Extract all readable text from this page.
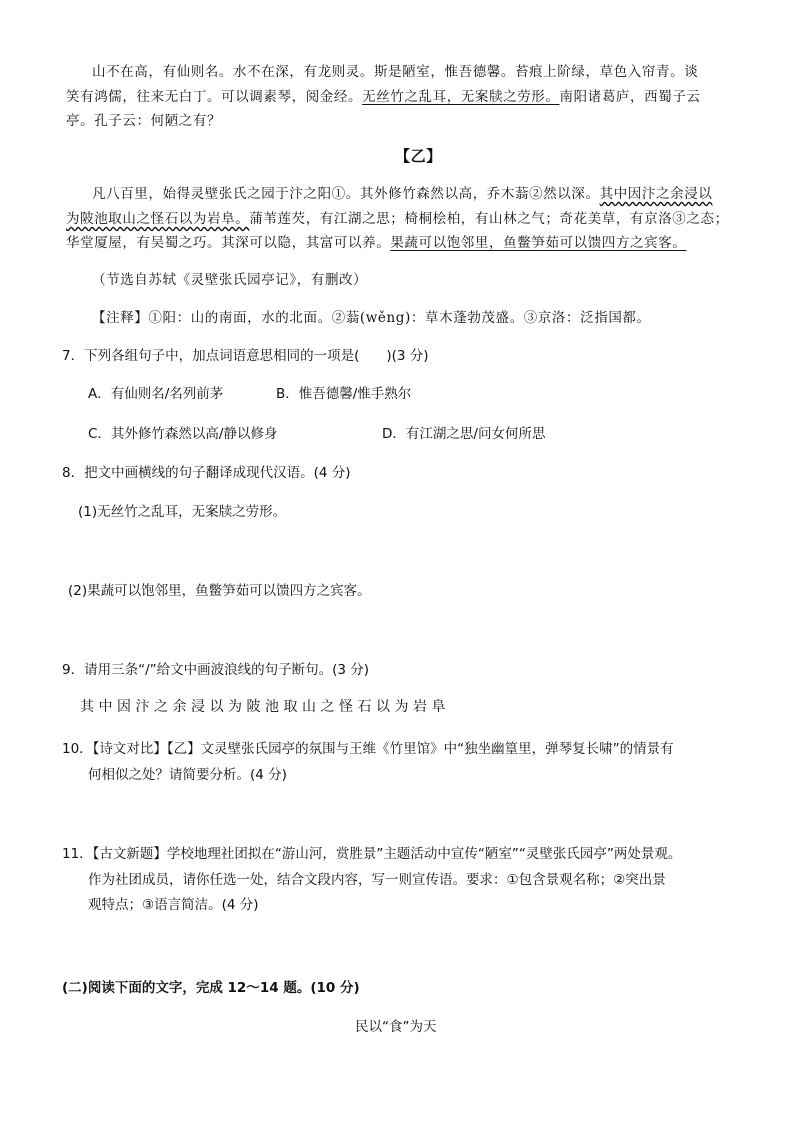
山不在高，有仙则名。水不在深，有龙则灵。斯是陋室，惟吾德馨。苔痕上阶绿，草色入帘青。谈
笑有鸿儒，往来无白丁。可以调素琴，阅金经。无丝竹之乱耳，无案牍之劳形。南阳诸葛庐，西蜀子云
亭。孔子云：何陋之有？
【乙】
凡八百里，始得灵壁张氏之园于汴之阳①。其外修竹森然以高，乔木蓊②然以深。其中因汴之余浸以
为陂池取山之怪石以为岩阜。蒲苇莲芡，有江湖之思；椅桐桧柏，有山林之气；奇花美草，有京洛③之态；
华堂厦屋，有吴蜀之巧。其深可以隐，其富可以养。果蔬可以饱邻里，鱼鳖笋茹可以馈四方之宾客。
（节选自苏轼《灵壁张氏园亭记》，有删改）
【注释】①阳：山的南面，水的北面。②蓊(wěng)：草木蓬勃茂盛。③京洛：泛指国都。
7．下列各组句子中，加点词语意思相同的一项是(　　)(3 分)
A．有仙则名/名列前茅	B．惟吾德馨/惟手熟尔
C．其外修竹森然以高/静以修身	D．有江湖之思/问女何所思
8．把文中画横线的句子翻译成现代汉语。(4 分)
(1)无丝竹之乱耳，无案牍之劳形。
(2)果蔬可以饱邻里，鱼鳖笋茹可以馈四方之宾客。
9．请用三条“/”给文中画波浪线的句子断句。(3 分)
其中因汴之余浸以为陂池取山之怪石以为岩阜
10．【诗文对比】【乙】文灵壁张氏园亭的氛围与王维《竹里馆》中“独坐幽篁里，弹琴复长啸”的情景有
何相似之处？请简要分析。(4 分)
11．【古文新题】学校地理社团拟在“游山河，赏胜景”主题活动中宣传“陋室”“灵壁张氏园亭”两处景观。
作为社团成员，请你任选一处，结合文段内容，写一则宣传语。要求：①包含景观名称；②突出景
观特点；③语言简洁。(4 分)
(二)阅读下面的文字，完成 12～14 题。(10 分)
民以“食”为天
